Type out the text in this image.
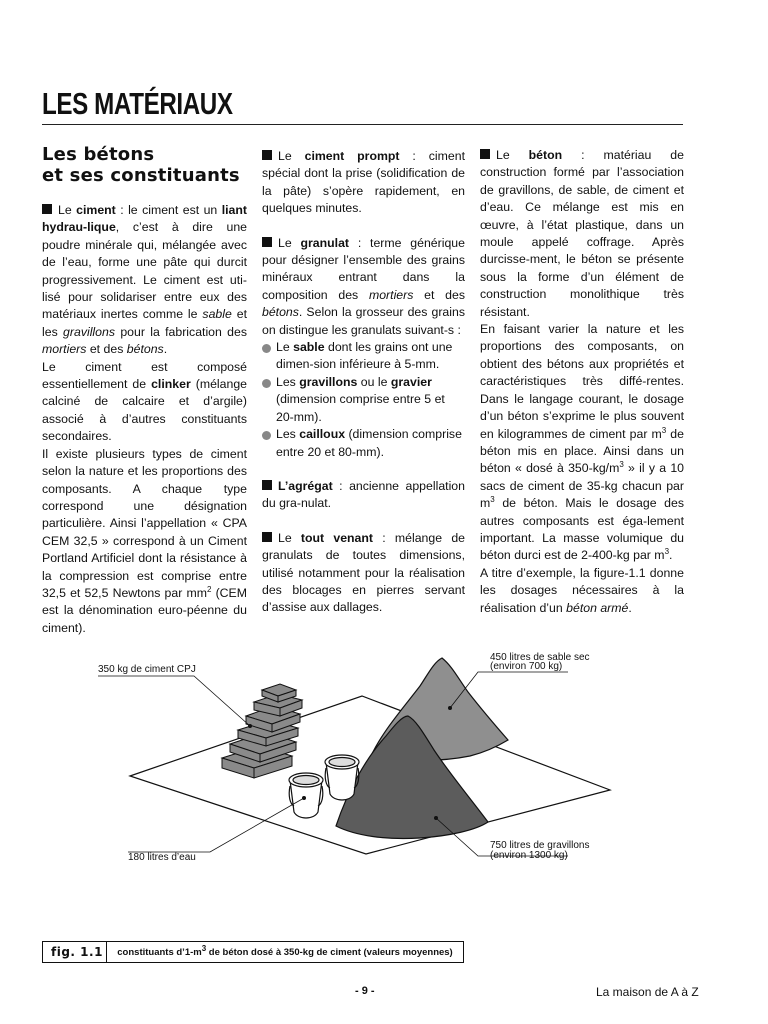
LES MATÉRIAUX
Les bétons
et ses constituants

Le ciment : le ciment est un liant hydrau-lique, c’est à dire une poudre minérale qui, mélangée avec de l’eau, forme une pâte qui durcit progressivement. Le ciment est uti-lisé pour solidariser entre eux des matériaux inertes comme le sable et les gravillons pour la fabrication des mortiers et des bétons.

Le ciment est composé essentiellement de clinker (mélange calciné de calcaire et d’argile) associé à d’autres constituants secondaires.

Il existe plusieurs types de ciment selon la nature et les proportions des composants. A chaque type correspond une désignation particulière. Ainsi l’appellation « CPA CEM 32,5 » correspond à un Ciment Portland Artificiel dont la résistance à la compression est comprise entre 32,5 et 52,5 Newtons par $mm^2$ (CEM est la dénomination euro-péenne du ciment).

Le ciment prompt : ciment spécial dont la prise (solidification de la pâte) s’opère rapidement, en quelques minutes.

Le granulat : terme générique pour désigner l’ensemble des grains minéraux entrant dans la composition des mortiers et des bétons. Selon la grosseur des grains on distingue les granulats suivant-s :

Le sable dont les grains ont une dimen-sion inférieure à 5-mm.
Les gravillons ou le gravier (dimension comprise entre 5 et 20-mm).
Les cailloux (dimension comprise entre 20 et 80-mm).

L’agrégat : ancienne appellation du gra-nulat.

Le tout venant : mélange de granulats de toutes dimensions, utilisé notamment pour la réalisation des blocages en pierres servant d’assise aux dallages.

Le béton : matériau de construction formé par l’association de gravillons, de sable, de ciment et d’eau. Ce mélange est mis en œuvre, à l’état plastique, dans un moule appelé coffrage. Après durcisse-ment, le béton se présente sous la forme d’un élément de construction monolithique très résistant.

En faisant varier la nature et les proportions des composants, on obtient des bétons aux propriétés et caractéristiques très diffé-rentes. Dans le langage courant, le dosage d’un béton s’exprime le plus souvent en kilogrammes de ciment par $m^3$ de béton mis en place. Ainsi dans un béton « dosé à $350-kg/m^3$ » il y a 10 sacs de ciment de 35-kg chacun par $m^3$ de béton. Mais le dosage des autres composants est éga-lement important. La masse volumique du béton durci est de 2-400-kg par $m^3$.

A titre d’exemple, la figure-1.1 donne les dosages nécessaires à la réalisation d’un béton armé.

350 kg de ciment CPJ
450 litres de sable sec
(environ 700 kg)
750 litres de gravillons
(environ 1300 kg)
180 litres d’eau
fig. 1.1	constituants $d’1-m^3$ de béton dosé à 350-kg de ciment (valeurs moyennes)
- 9 -	La maison de A à Z
